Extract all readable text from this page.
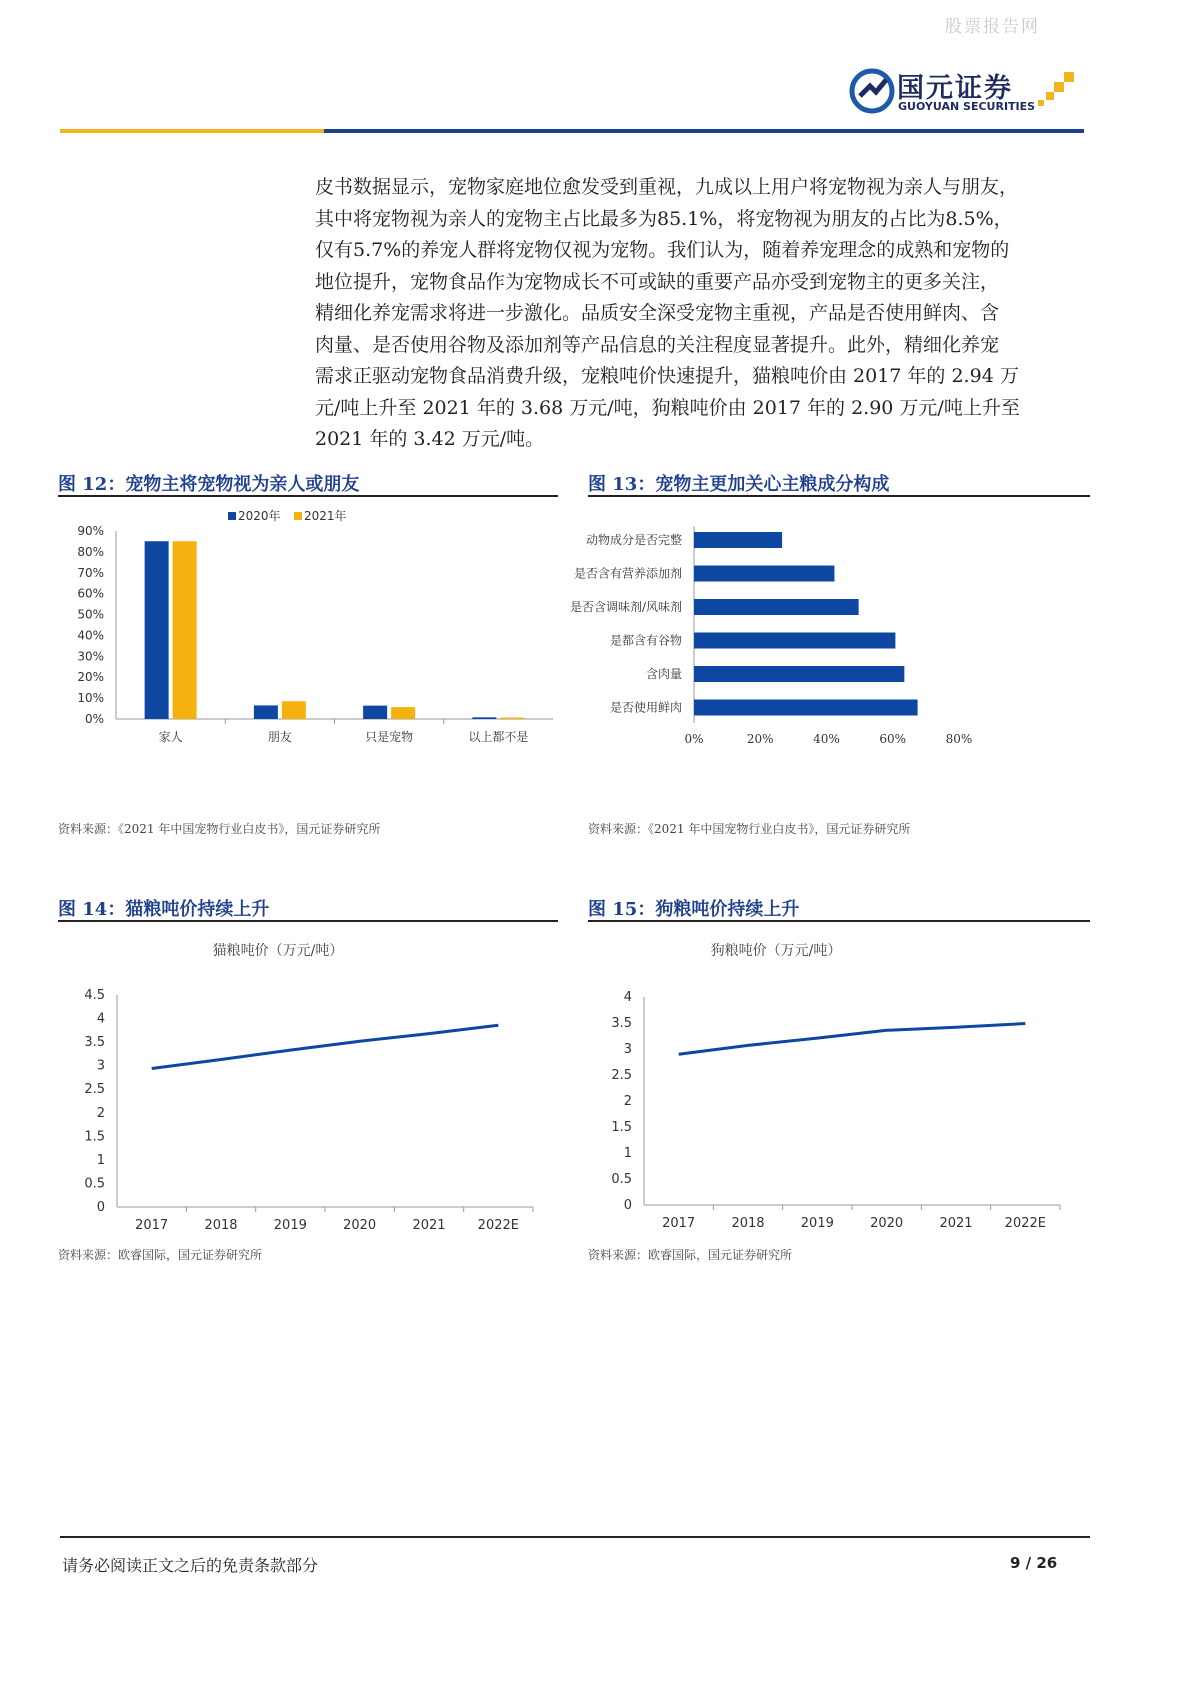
股票报告网
国元证券
GUOYUAN SECURITIES
皮书数据显示，宠物家庭地位愈发受到重视，九成以上用户将宠物视为亲人与朋友，
其中将宠物视为亲人的宠物主占比最多为85.1%，将宠物视为朋友的占比为8.5%，
仅有5.7%的养宠人群将宠物仅视为宠物。我们认为，随着养宠理念的成熟和宠物的
地位提升，宠物食品作为宠物成长不可或缺的重要产品亦受到宠物主的更多关注，
精细化养宠需求将进一步激化。品质安全深受宠物主重视，产品是否使用鲜肉、含
肉量、是否使用谷物及添加剂等产品信息的关注程度显著提升。此外，精细化养宠
需求正驱动宠物食品消费升级，宠粮吨价快速提升，猫粮吨价由 2017 年的 2.94 万
元/吨上升至 2021 年的 3.68 万元/吨，狗粮吨价由 2017 年的 2.90 万元/吨上升至
2021 年的 3.42 万元/吨。
图 12：宠物主将宠物视为亲人或朋友
2020年 2021年
0%
10%
20%
30%
40%
50%
60%
70%
80%
90%
家人	朋友	只是宠物	以上都不是
资料来源：《2021 年中国宠物行业白皮书》，国元证券研究所
图 13：宠物主更加关心主粮成分构成
动物成分是否完整
是否含有营养添加剂
是否含调味剂/风味剂
是都含有谷物
含肉量
是否使用鲜肉
0%	20%	40%	60%	80%
资料来源：《2021 年中国宠物行业白皮书》，国元证券研究所
图 14：猫粮吨价持续上升
猫粮吨价（万元/吨）
0
0.5
1
1.5
2
2.5
3
3.5
4
4.5
2017	2018	2019	2020	2021 2022E
资料来源：欧睿国际，国元证券研究所
图 15：狗粮吨价持续上升
狗粮吨价（万元/吨）
0
0.5
1
1.5
2
2.5
3
3.5
4
2017	2018	2019	2020	2021 2022E
资料来源：欧睿国际，国元证券研究所
请务必阅读正文之后的免责条款部分	9 / 26
